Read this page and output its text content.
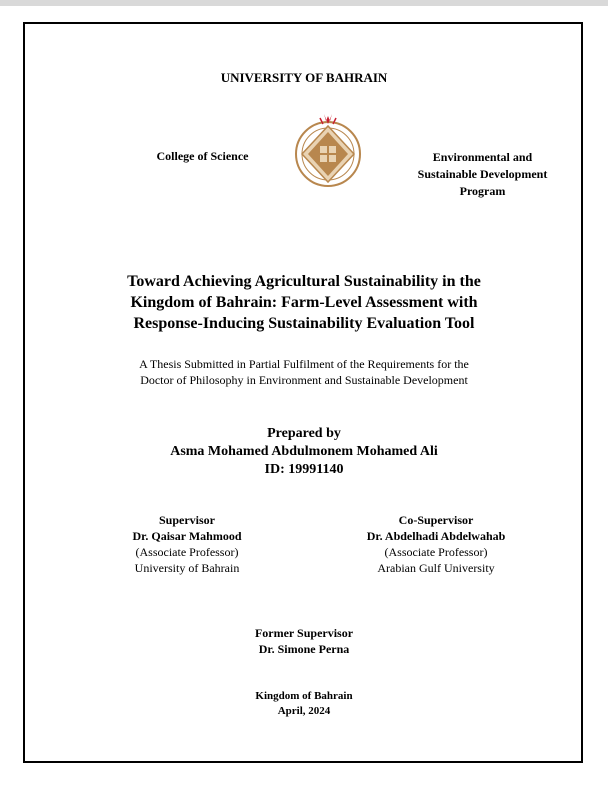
UNIVERSITY OF BAHRAIN
College of Science	Environmental and
Sustainable Development
Program
Toward Achieving Agricultural Sustainability in the
Kingdom of Bahrain: Farm-Level Assessment with
Response-Inducing Sustainability Evaluation Tool
A Thesis Submitted in Partial Fulfilment of the Requirements for the
Doctor of Philosophy in Environment and Sustainable Development
Prepared by
Asma Mohamed Abdulmonem Mohamed Ali
ID: 19991140
Supervisor
Dr. Qaisar Mahmood
(Associate Professor)
University of Bahrain
Co-Supervisor
Dr. Abdelhadi Abdelwahab
(Associate Professor)
Arabian Gulf University
Former Supervisor
Dr. Simone Perna
Kingdom of Bahrain
April, 2024
